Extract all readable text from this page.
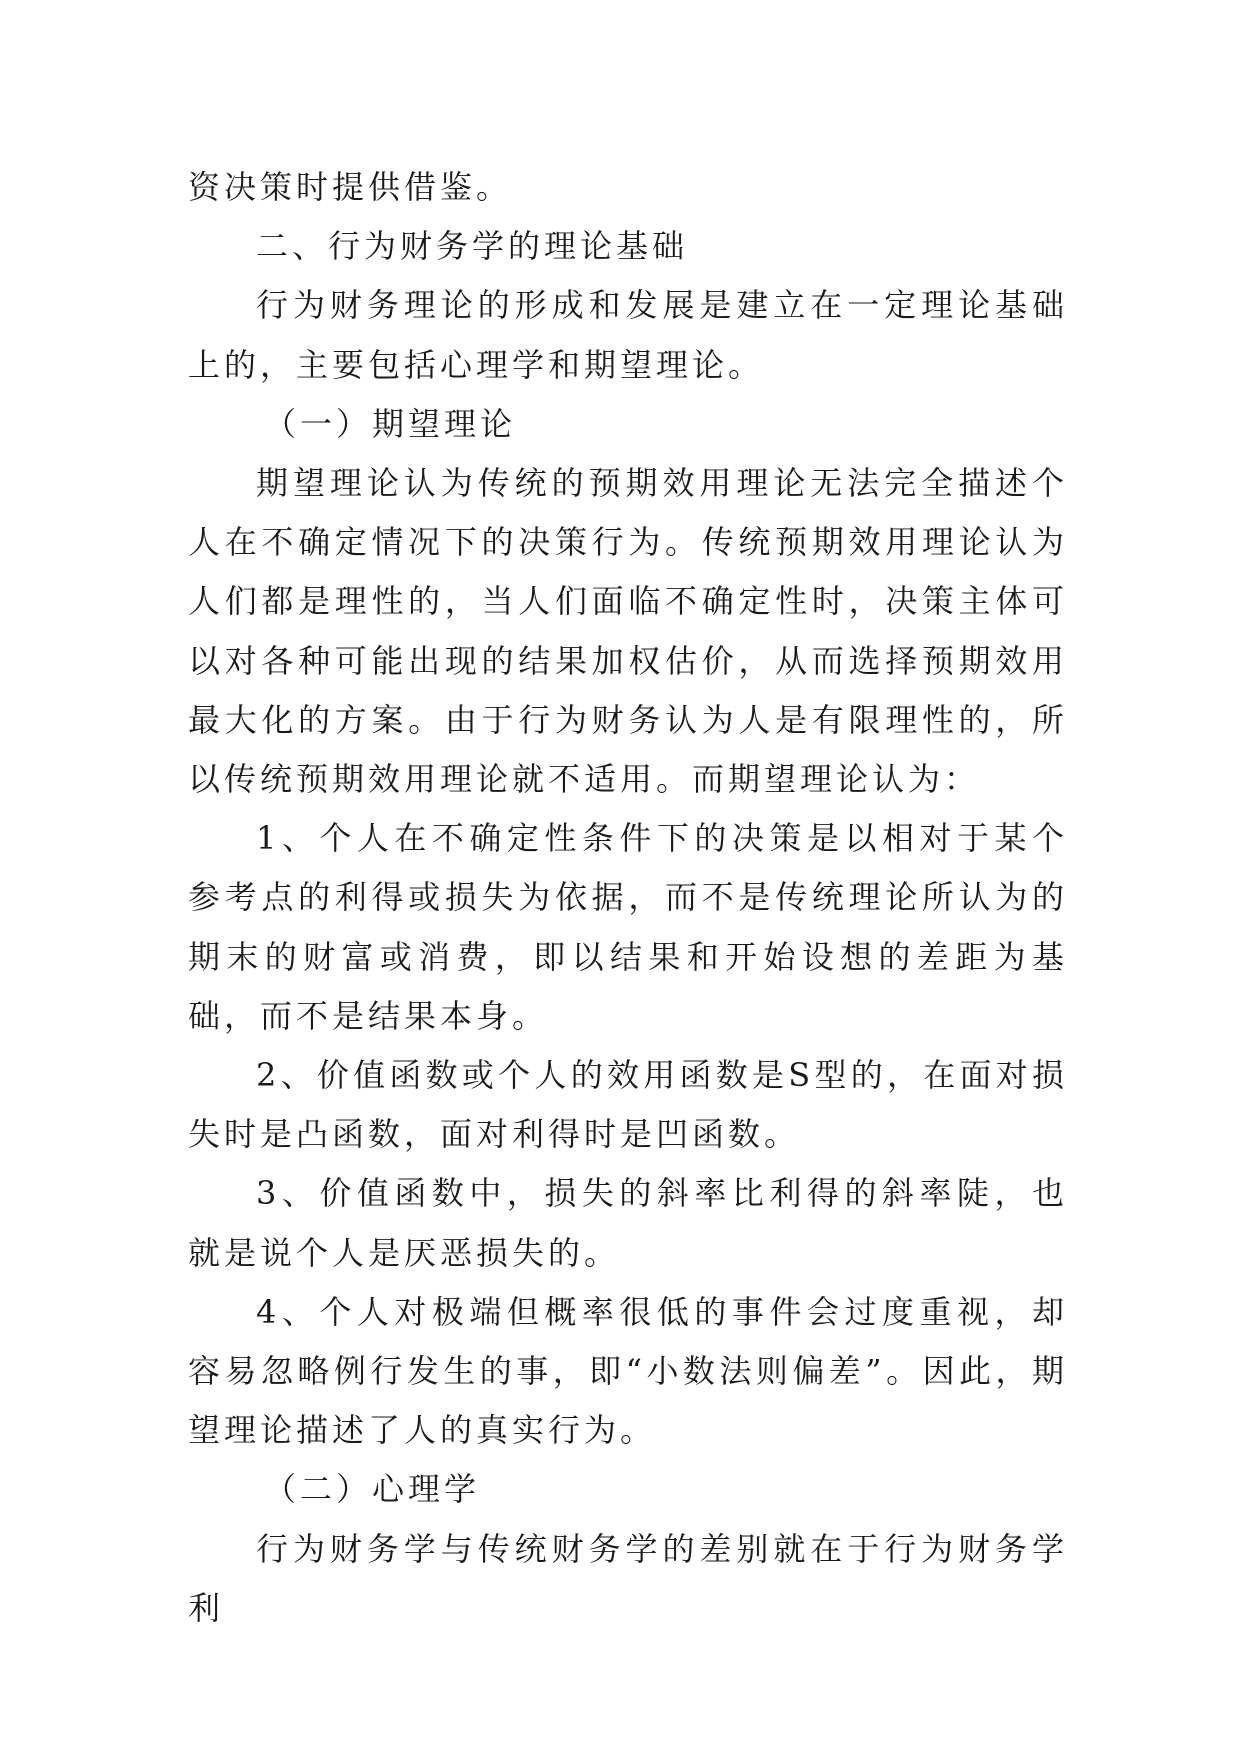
资决策时提供借鉴。

二、行为财务学的理论基础

行为财务理论的形成和发展是建立在一定理论基础上的，主要包括心理学和期望理论。

（一）期望理论

期望理论认为传统的预期效用理论无法完全描述个人在不确定情况下的决策行为。传统预期效用理论认为人们都是理性的，当人们面临不确定性时，决策主体可以对各种可能出现的结果加权估价，从而选择预期效用最大化的方案。由于行为财务认为人是有限理性的，所以传统预期效用理论就不适用。而期望理论认为：

1、个人在不确定性条件下的决策是以相对于某个参考点的利得或损失为依据，而不是传统理论所认为的期末的财富或消费，即以结果和开始设想的差距为基础，而不是结果本身。

2、价值函数或个人的效用函数是S型的，在面对损失时是凸函数，面对利得时是凹函数。

3、价值函数中，损失的斜率比利得的斜率陡，也就是说个人是厌恶损失的。

4、个人对极端但概率很低的事件会过度重视，却容易忽略例行发生的事，即“小数法则偏差”。因此，期望理论描述了人的真实行为。

（二）心理学

行为财务学与传统财务学的差别就在于行为财务学利
